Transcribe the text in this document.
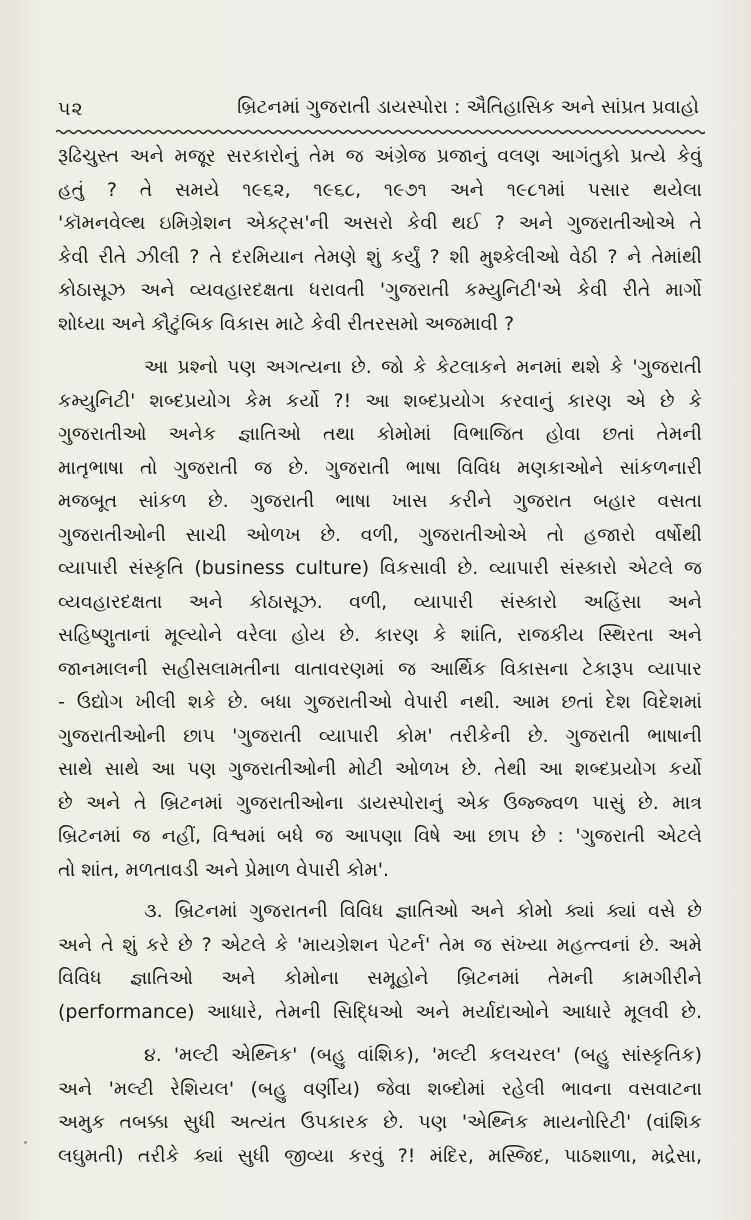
૫૨	બ્રિટનમાં ગુજરાતી ડાયસ્પોરા : ઐતિહાસિક અને સાંપ્રત પ્રવાહો
રૂઢિચુસ્ત અને મજૂર સરકારોનું તેમ જ અંગ્રેજ પ્રજાનું વલણ આગંતુકો પ્રત્યે કેવું
હતું ? તે સમયે ૧૯૬૨, ૧૯૬૮, ૧૯૭૧ અને ૧૯૮૧માં પસાર થયેલા
'કૉમનવેલ્થ ઇમિગ્રેશન એક્ટ્સ'ની અસરો કેવી થઈ ? અને ગુજરાતીઓએ તે
કેવી રીતે ઝીલી ? તે દરમિયાન તેમણે શું કર્યું ? શી મુશ્કેલીઓ વેઠી ? ને તેમાંથી
કોઠાસૂઝ અને વ્યવહારદક્ષતા ધરાવતી 'ગુજરાતી કમ્યુનિટી'એ કેવી રીતે માર્ગો
શોધ્યા અને કૌટુંબિક વિકાસ માટે કેવી રીતરસમો અજમાવી ?
આ પ્રશ્નો પણ અગત્યના છે. જો કે કેટલાકને મનમાં થશે કે 'ગુજરાતી
કમ્યુનિટી' શબ્દપ્રયોગ કેમ કર્યો ?! આ શબ્દપ્રયોગ કરવાનું કારણ એ છે કે
ગુજરાતીઓ અનેક જ્ઞાતિઓ તથા કોમોમાં વિભાજિત હોવા છતાં તેમની
માતૃભાષા તો ગુજરાતી જ છે. ગુજરાતી ભાષા વિવિધ મણકાઓને સાંકળનારી
મજબૂત સાંકળ છે. ગુજરાતી ભાષા ખાસ કરીને ગુજરાત બહાર વસતા
ગુજરાતીઓની સાચી ઓળખ છે. વળી, ગુજરાતીઓએ તો હજારો વર્ષોથી
વ્યાપારી સંસ્કૃતિ (business culture) વિકસાવી છે. વ્યાપારી સંસ્કારો એટલે જ
વ્યવહારદક્ષતા અને કોઠાસૂઝ. વળી, વ્યાપારી સંસ્કારો અહિંસા અને
સહિષ્ણુતાનાં મૂલ્યોને વરેલા હોય છે. કારણ કે શાંતિ, રાજકીય સ્થિરતા અને
જાનમાલની સહીસલામતીના વાતાવરણમાં જ આર્થિક વિકાસના ટેકારૂપ વ્યાપાર
- ઉદ્યોગ ખીલી શકે છે. બધા ગુજરાતીઓ વેપારી નથી. આમ છતાં દેશ વિદેશમાં
ગુજરાતીઓની છાપ 'ગુજરાતી વ્યાપારી કોમ' તરીકેની છે. ગુજરાતી ભાષાની
સાથે સાથે આ પણ ગુજરાતીઓની મોટી ઓળખ છે. તેથી આ શબ્દપ્રયોગ કર્યો
છે અને તે બ્રિટનમાં ગુજરાતીઓના ડાયસ્પોરાનું એક ઉજ્જ્વળ પાસું છે. માત્ર
બ્રિટનમાં જ નહીં, વિશ્વમાં બધે જ આપણા વિષે આ છાપ છે : 'ગુજરાતી એટલે
તો શાંત, મળતાવડી અને પ્રેમાળ વેપારી કોમ'.
૩. બ્રિટનમાં ગુજરાતની વિવિધ જ્ઞાતિઓ અને કોમો ક્યાં ક્યાં વસે છે
અને તે શું કરે છે ? એટલે કે 'માયગ્રેશન પેટર્ન' તેમ જ સંખ્યા મહત્ત્વનાં છે. અમે
વિવિધ જ્ઞાતિઓ અને કોમોના સમૂહોને બ્રિટનમાં તેમની કામગીરીને
(performance) આધારે, તેમની સિદ્ધિઓ અને મર્યાદાઓને આધારે મૂલવી છે.
૪. 'મલ્ટી એથ્નિક' (બહુ વાંશિક), 'મલ્ટી કલચરલ' (બહુ સાંસ્કૃતિક)
અને 'મલ્ટી રેશિયલ' (બહુ વર્ણીય) જેવા શબ્દોમાં રહેલી ભાવના વસવાટના
અમુક તબક્કા સુધી અત્યંત ઉપકારક છે. પણ 'એથ્નિક માયનોરિટી' (વાંશિક
લઘુમતી) તરીકે ક્યાં સુધી જીવ્યા કરવું ?! મંદિર, મસ્જિદ, પાઠશાળા, મદ્રેસા,
